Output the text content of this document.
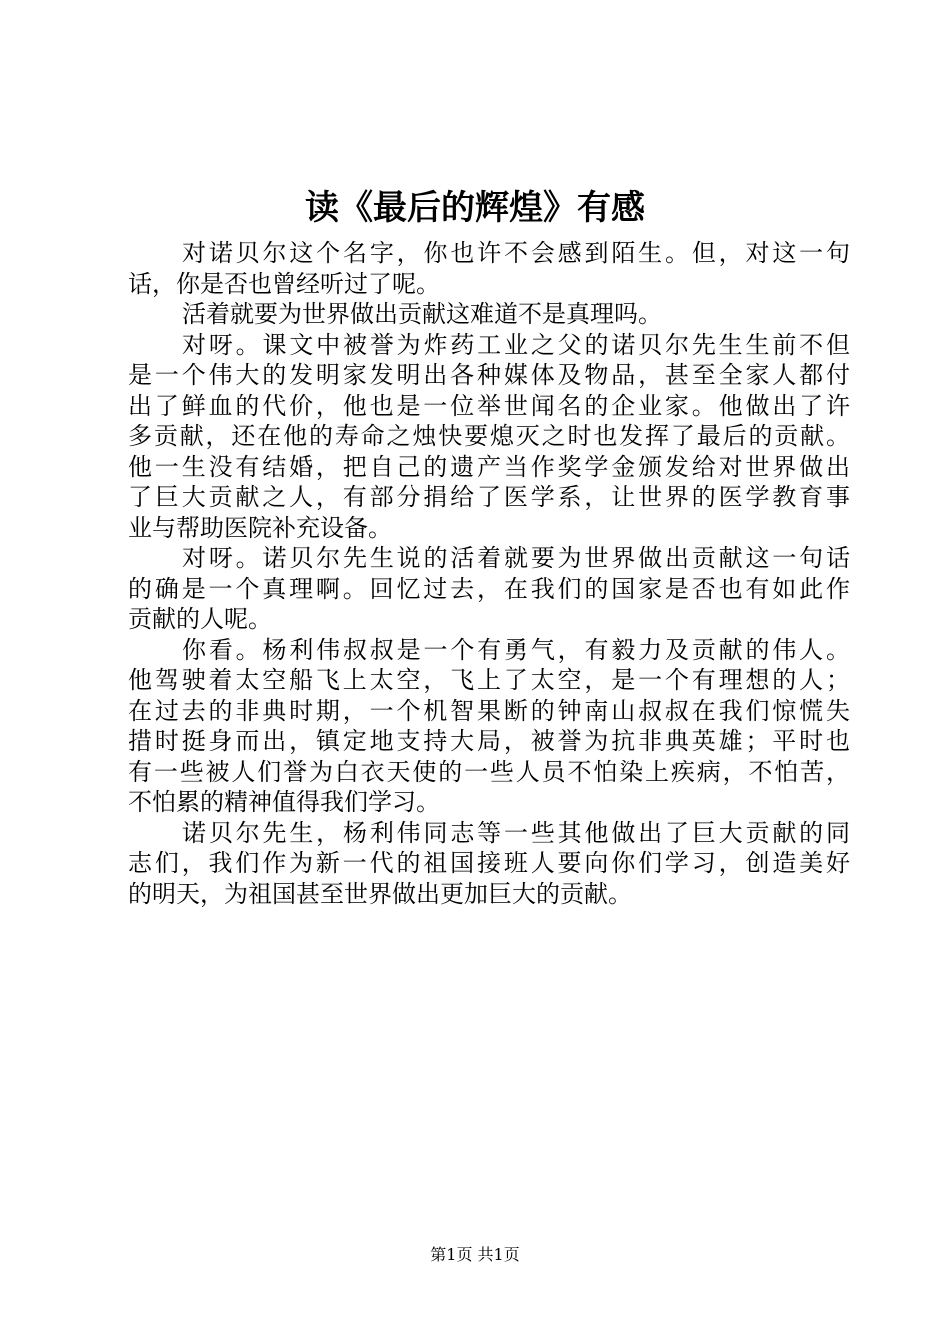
读《最后的辉煌》有感
对诺贝尔这个名字，你也许不会感到陌生。但，对这一句
话，你是否也曾经听过了呢。
活着就要为世界做出贡献这难道不是真理吗。
对呀。课文中被誉为炸药工业之父的诺贝尔先生生前不但
是一个伟大的发明家发明出各种媒体及物品，甚至全家人都付
出了鲜血的代价，他也是一位举世闻名的企业家。他做出了许
多贡献，还在他的寿命之烛快要熄灭之时也发挥了最后的贡献。
他一生没有结婚，把自己的遗产当作奖学金颁发给对世界做出
了巨大贡献之人，有部分捐给了医学系，让世界的医学教育事
业与帮助医院补充设备。
对呀。诺贝尔先生说的活着就要为世界做出贡献这一句话
的确是一个真理啊。回忆过去，在我们的国家是否也有如此作
贡献的人呢。
你看。杨利伟叔叔是一个有勇气，有毅力及贡献的伟人。
他驾驶着太空船飞上太空，飞上了太空，是一个有理想的人；
在过去的非典时期，一个机智果断的钟南山叔叔在我们惊慌失
措时挺身而出，镇定地支持大局，被誉为抗非典英雄；平时也
有一些被人们誉为白衣天使的一些人员不怕染上疾病，不怕苦，
不怕累的精神值得我们学习。
诺贝尔先生，杨利伟同志等一些其他做出了巨大贡献的同
志们，我们作为新一代的祖国接班人要向你们学习，创造美好
的明天，为祖国甚至世界做出更加巨大的贡献。
第1页 共1页
